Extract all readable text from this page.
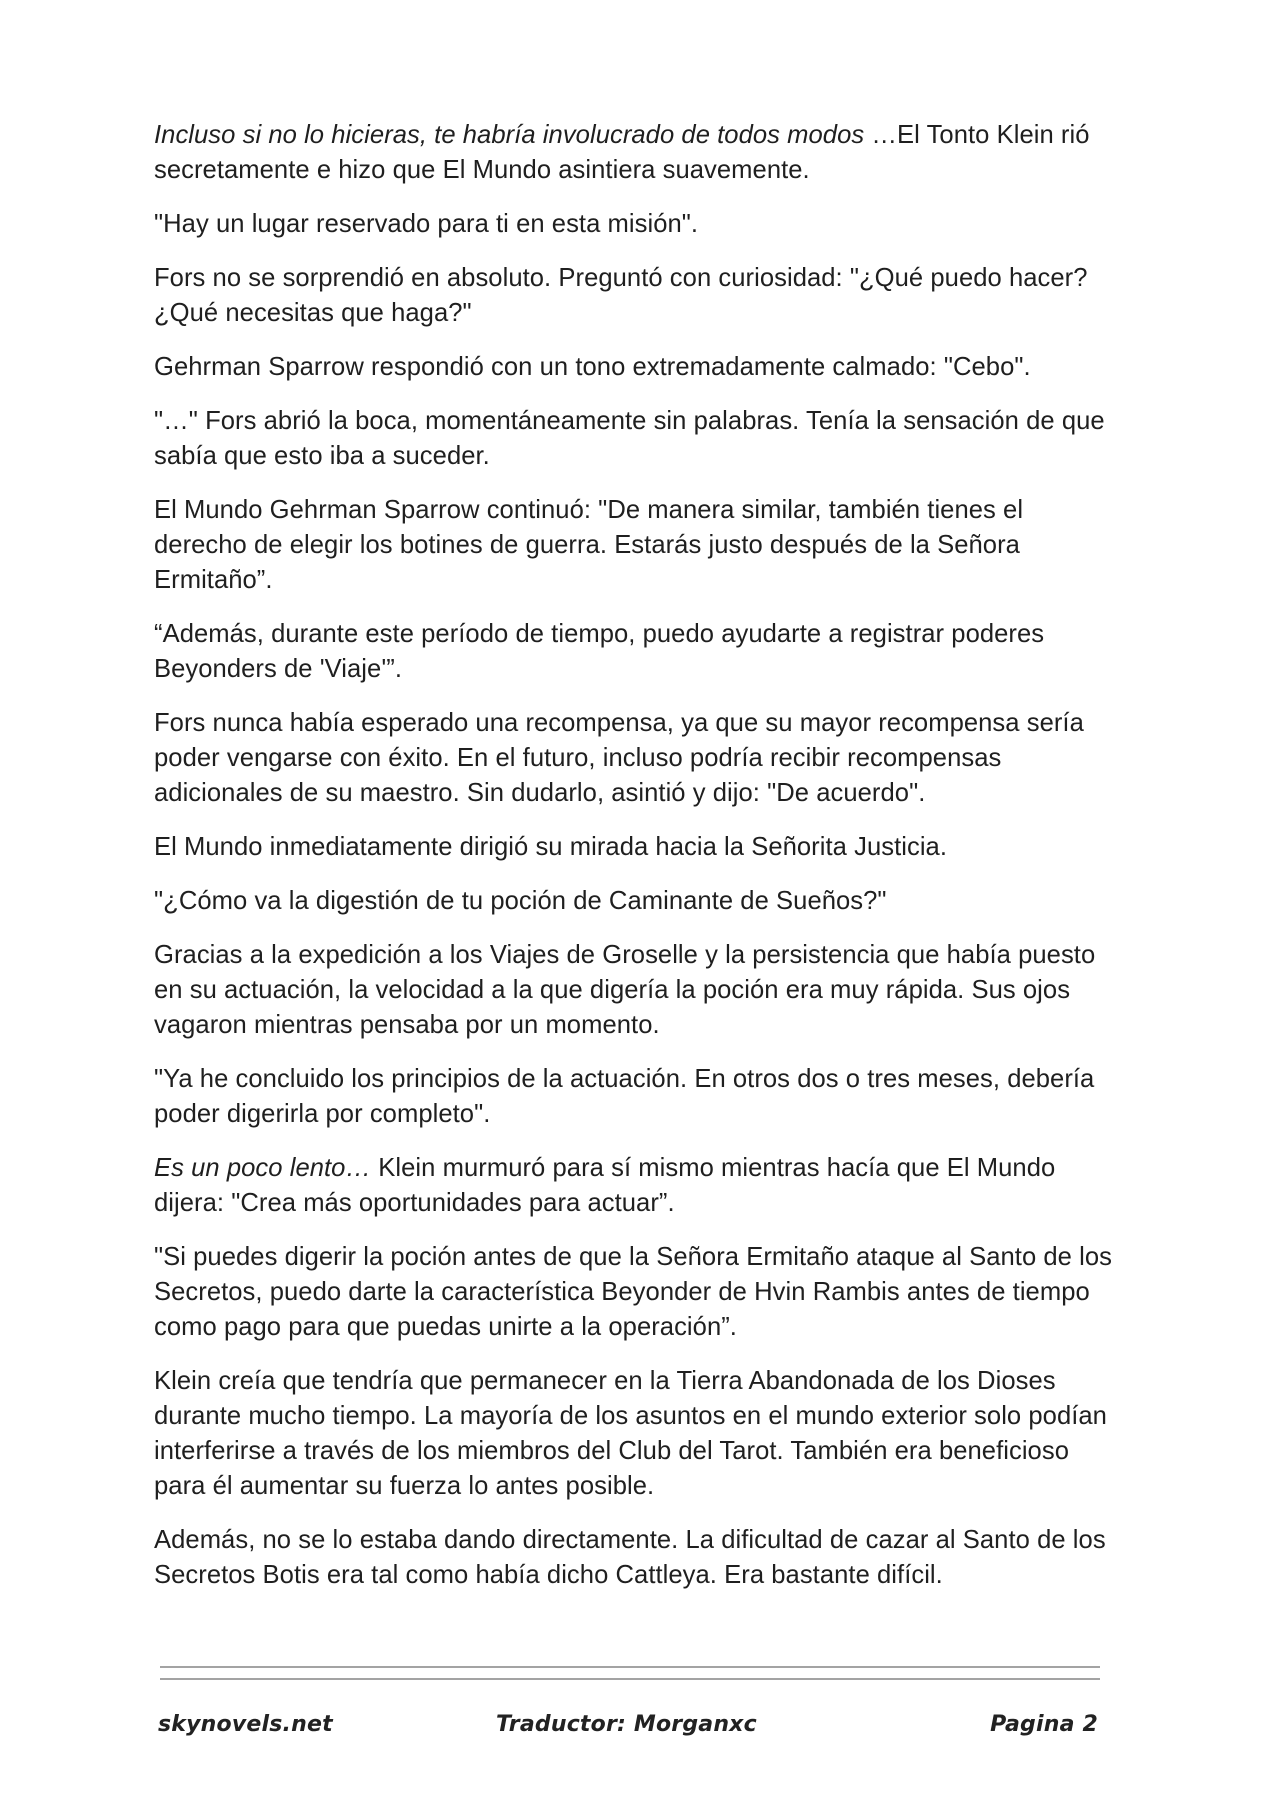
Incluso si no lo hicieras, te habría involucrado de todos modos …El Tonto Klein rió secretamente e hizo que El Mundo asintiera suavemente.

"Hay un lugar reservado para ti en esta misión".

Fors no se sorprendió en absoluto. Preguntó con curiosidad: "¿Qué puedo hacer? ¿Qué necesitas que haga?"

Gehrman Sparrow respondió con un tono extremadamente calmado: "Cebo".

"…" Fors abrió la boca, momentáneamente sin palabras. Tenía la sensación de que sabía que esto iba a suceder.

El Mundo Gehrman Sparrow continuó: "De manera similar, también tienes el derecho de elegir los botines de guerra. Estarás justo después de la Señora Ermitaño”.

“Además, durante este período de tiempo, puedo ayudarte a registrar poderes Beyonders de 'Viaje'”.

Fors nunca había esperado una recompensa, ya que su mayor recompensa sería poder vengarse con éxito. En el futuro, incluso podría recibir recompensas adicionales de su maestro. Sin dudarlo, asintió y dijo: "De acuerdo".

El Mundo inmediatamente dirigió su mirada hacia la Señorita Justicia.

"¿Cómo va la digestión de tu poción de Caminante de Sueños?"

Gracias a la expedición a los Viajes de Groselle y la persistencia que había puesto en su actuación, la velocidad a la que digería la poción era muy rápida. Sus ojos vagaron mientras pensaba por un momento.

"Ya he concluido los principios de la actuación. En otros dos o tres meses, debería poder digerirla por completo".

Es un poco lento… Klein murmuró para sí mismo mientras hacía que El Mundo dijera: "Crea más oportunidades para actuar”.

"Si puedes digerir la poción antes de que la Señora Ermitaño ataque al Santo de los Secretos, puedo darte la característica Beyonder de Hvin Rambis antes de tiempo como pago para que puedas unirte a la operación”.

Klein creía que tendría que permanecer en la Tierra Abandonada de los Dioses durante mucho tiempo. La mayoría de los asuntos en el mundo exterior solo podían interferirse a través de los miembros del Club del Tarot. También era beneficioso para él aumentar su fuerza lo antes posible.

Además, no se lo estaba dando directamente. La dificultad de cazar al Santo de los Secretos Botis era tal como había dicho Cattleya. Era bastante difícil.

skynovels.net	Traductor: Morganxc	Pagina 2
